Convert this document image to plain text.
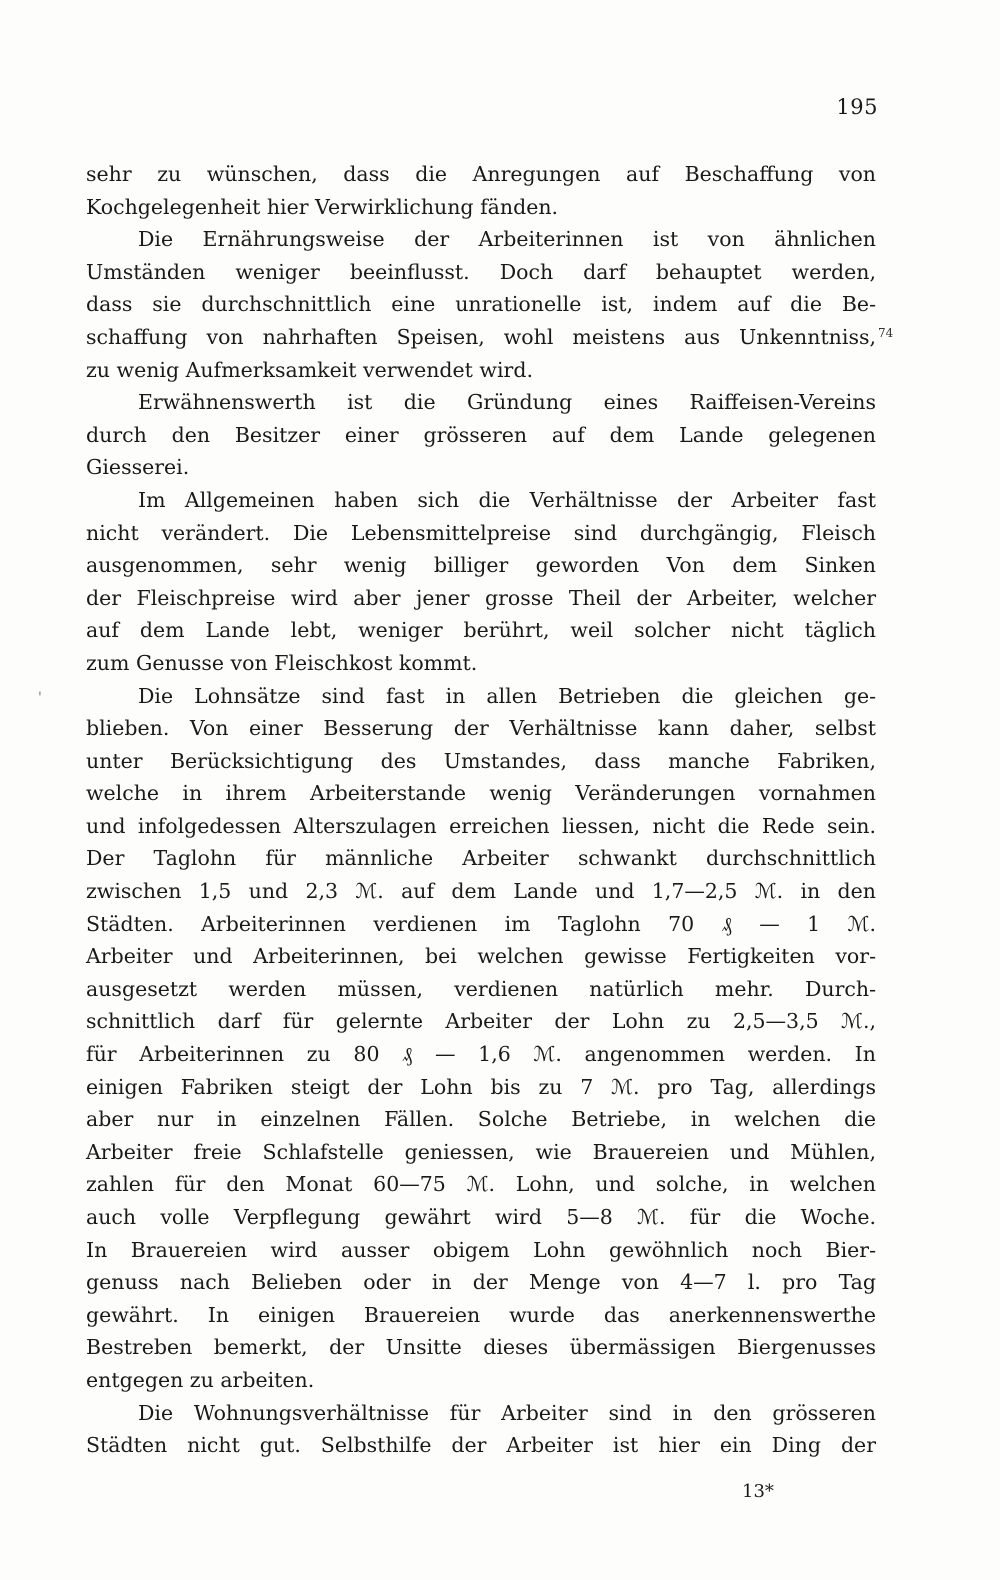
195
'
74
sehr zu wünschen, dass die Anregungen auf Beschaffung von
Kochgelegenheit hier Verwirklichung fänden.
Die Ernährungsweise der Arbeiterinnen ist von ähnlichen
Umständen weniger beeinflusst. Doch darf behauptet werden,
dass sie durchschnittlich eine unrationelle ist, indem auf die Be-
schaffung von nahrhaften Speisen, wohl meistens aus Unkenntniss,
zu wenig Aufmerksamkeit verwendet wird.
Erwähnenswerth ist die Gründung eines Raiffeisen-Vereins
durch den Besitzer einer grösseren auf dem Lande gelegenen
Giesserei.
Im Allgemeinen haben sich die Verhältnisse der Arbeiter fast
nicht verändert. Die Lebensmittelpreise sind durchgängig, Fleisch
ausgenommen, sehr wenig billiger geworden Von dem Sinken
der Fleischpreise wird aber jener grosse Theil der Arbeiter, welcher
auf dem Lande lebt, weniger berührt, weil solcher nicht täglich
zum Genusse von Fleischkost kommt.
Die Lohnsätze sind fast in allen Betrieben die gleichen ge-
blieben. Von einer Besserung der Verhältnisse kann daher, selbst
unter Berücksichtigung des Umstandes, dass manche Fabriken,
welche in ihrem Arbeiterstande wenig Veränderungen vornahmen
und infolgedessen Alterszulagen erreichen liessen, nicht die Rede sein.
Der Taglohn für männliche Arbeiter schwankt durchschnittlich
zwischen 1,5 und 2,3 ℳ. auf dem Lande und 1,7—2,5 ℳ. in den
Städten. Arbeiterinnen verdienen im Taglohn 70 ₰ — 1 ℳ.
Arbeiter und Arbeiterinnen, bei welchen gewisse Fertigkeiten vor-
ausgesetzt werden müssen, verdienen natürlich mehr. Durch-
schnittlich darf für gelernte Arbeiter der Lohn zu 2,5—3,5 ℳ.,
für Arbeiterinnen zu 80 ₰ — 1,6 ℳ. angenommen werden. In
einigen Fabriken steigt der Lohn bis zu 7 ℳ. pro Tag, allerdings
aber nur in einzelnen Fällen. Solche Betriebe, in welchen die
Arbeiter freie Schlafstelle geniessen, wie Brauereien und Mühlen,
zahlen für den Monat 60—75 ℳ. Lohn, und solche, in welchen
auch volle Verpflegung gewährt wird 5—8 ℳ. für die Woche.
In Brauereien wird ausser obigem Lohn gewöhnlich noch Bier-
genuss nach Belieben oder in der Menge von 4—7 l. pro Tag
gewährt. In einigen Brauereien wurde das anerkennenswerthe
Bestreben bemerkt, der Unsitte dieses übermässigen Biergenusses
entgegen zu arbeiten.
Die Wohnungsverhältnisse für Arbeiter sind in den grösseren
Städten nicht gut. Selbsthilfe der Arbeiter ist hier ein Ding der
13*
